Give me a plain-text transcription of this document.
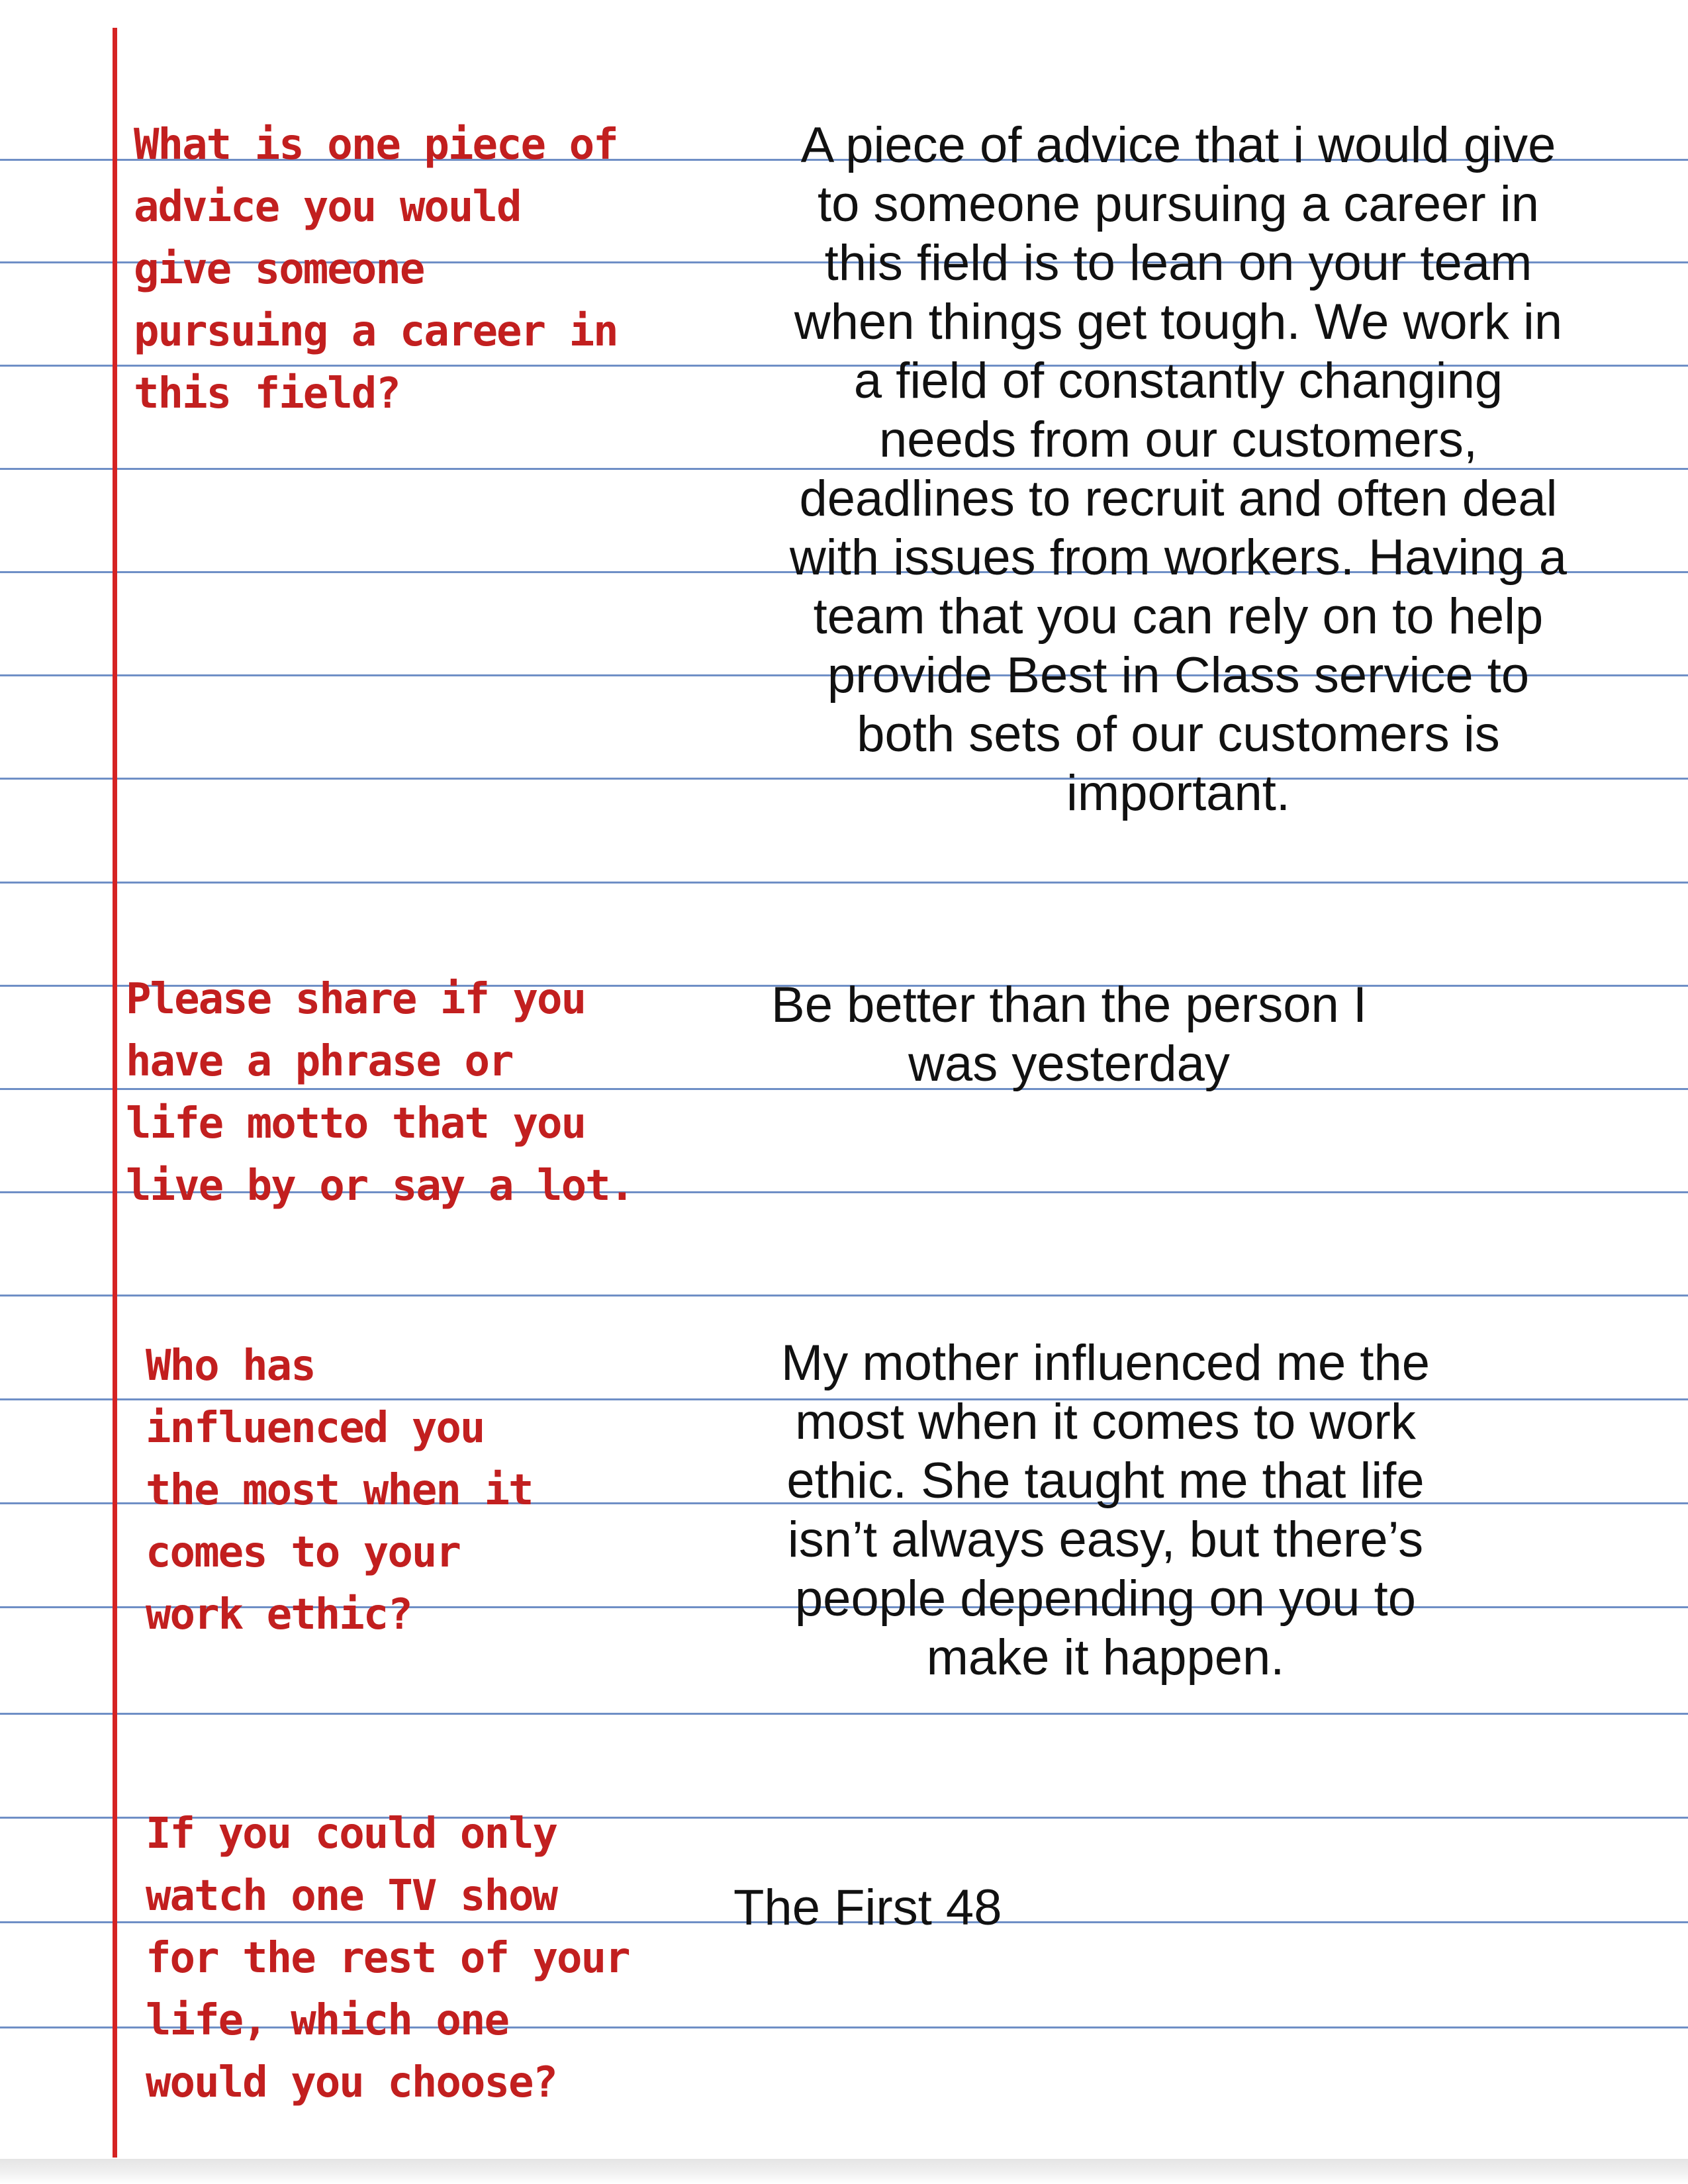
What is one piece of
advice you would
give someone
pursuing a career in
this field?
A piece of advice that i would give
to someone pursuing a career in
this field is to lean on your team
when things get tough. We work in
a field of constantly changing
needs from our customers,
deadlines to recruit and often deal
with issues from workers. Having a
team that you can rely on to help
provide Best in Class service to
both sets of our customers is
important.
Please share if you
have a phrase or
life motto that you
live by or say a lot.
Be better than the person I
was yesterday
Who has
influenced you
the most when it
comes to your
work ethic?
My mother influenced me the
most when it comes to work
ethic. She taught me that life
isn’t always easy, but there’s
people depending on you to
make it happen.
If you could only
watch one TV show
for the rest of your
life, which one
would you choose?
The First 48
